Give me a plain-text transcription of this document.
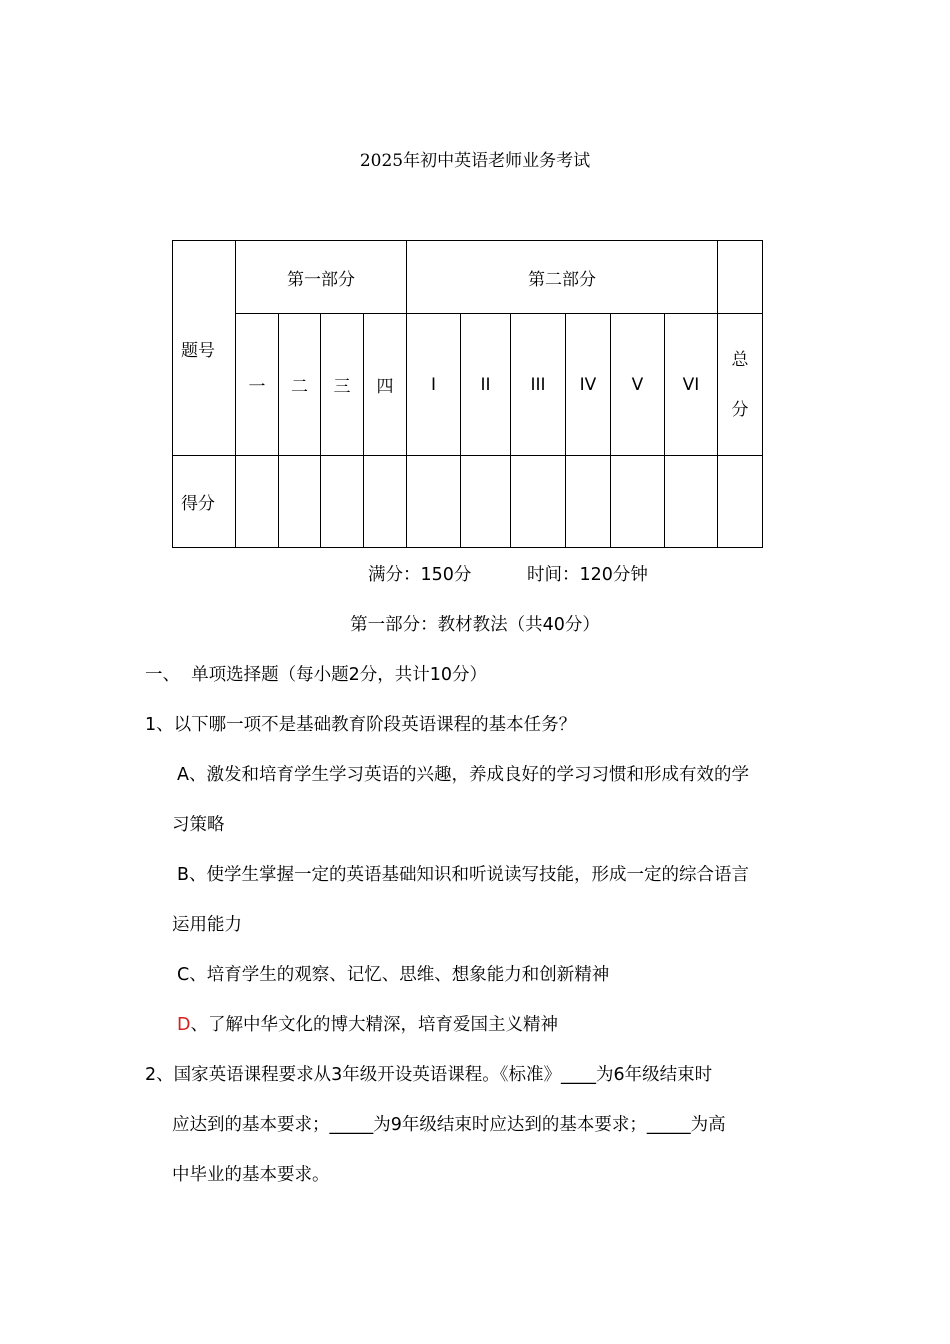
2025年初中英语老师业务考试
题号	第一部分				第二部分						
	一	二	三	四	I	II	III	IV	V	VI	总
分

得分											
满分：150分          时间：120分钟
第一部分：教材教法（共40分）
一、  单项选择题（每小题2分，共计10分）
1、以下哪一项不是基础教育阶段英语课程的基本任务？
A、激发和培育学生学习英语的兴趣，养成良好的学习习惯和形成有效的学
习策略
B、使学生掌握一定的英语基础知识和听说读写技能，形成一定的综合语言
运用能力
C、培育学生的观察、记忆、思维、想象能力和创新精神
D、了解中华文化的博大精深，培育爱国主义精神
2、国家英语课程要求从3年级开设英语课程。《标准》____为6年级结束时
应达到的基本要求；_____为9年级结束时应达到的基本要求；_____为高
中毕业的基本要求。
